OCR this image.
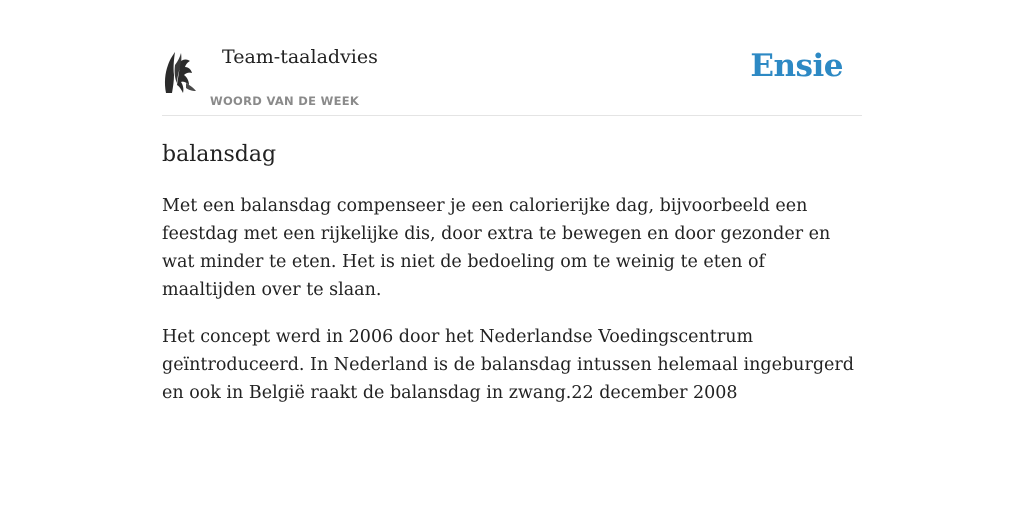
Team-taaladvies
WOORD VAN DE WEEK
Ensie
balansdag

Met een balansdag compenseer je een calorierijke dag, bijvoorbeeld een feestdag met een rijkelijke dis, door extra te bewegen en door gezonder en wat minder te eten. Het is niet de bedoeling om te weinig te eten of maaltijden over te slaan.

Het concept werd in 2006 door het Nederlandse Voedingscentrum geïntroduceerd. In Nederland is de balansdag intussen helemaal ingeburgerd en ook in België raakt de balansdag in zwang.22 december 2008
